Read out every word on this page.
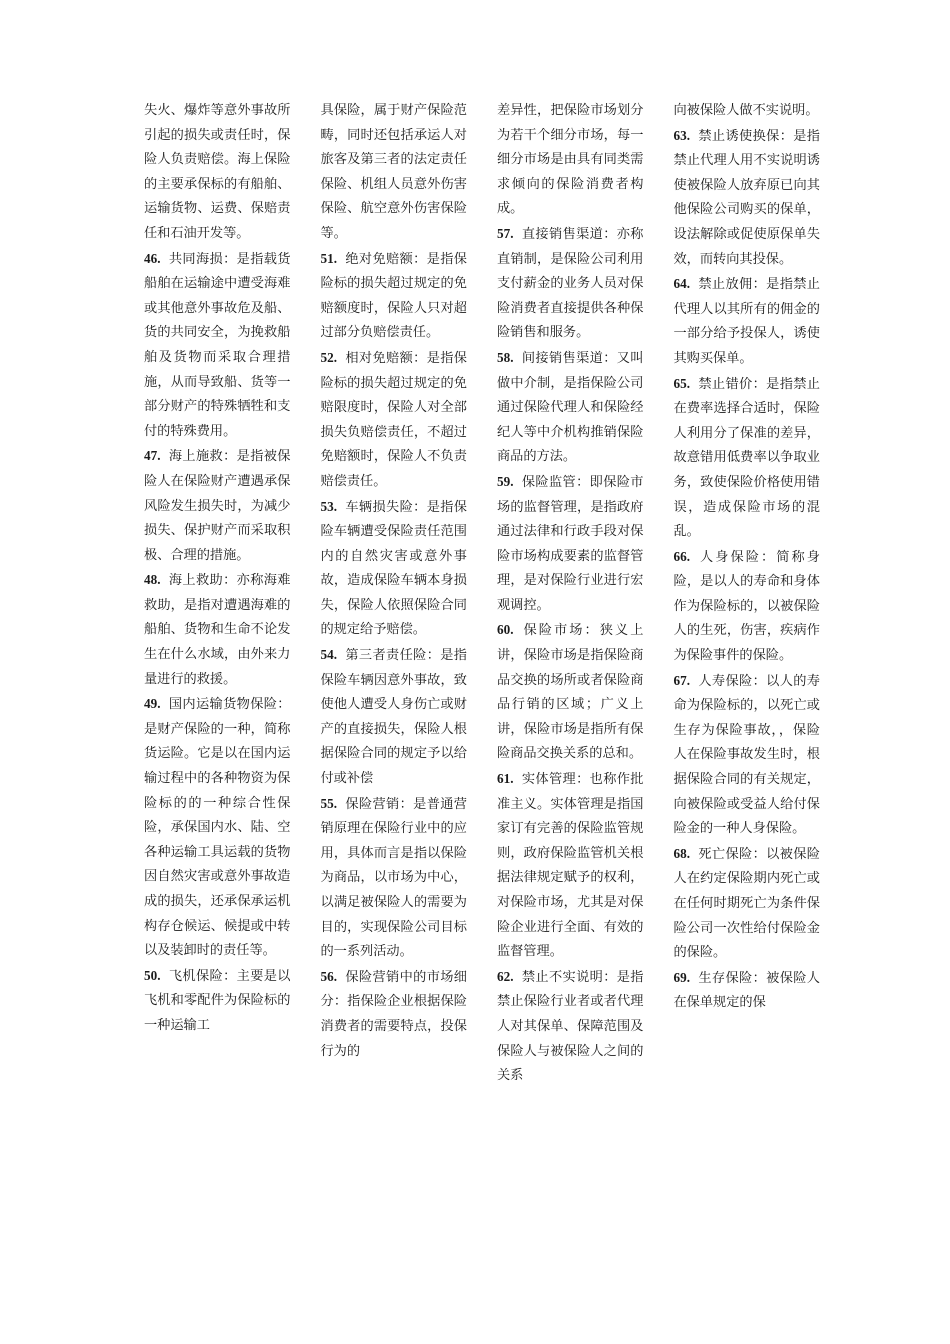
失火、爆炸等意外事故所引起的损失或责任时，保险人负责赔偿。海上保险的主要承保标的有船舶、运输货物、运费、保赔责任和石油开发等。

46. 共同海损：是指载货船舶在运输途中遭受海难或其他意外事故危及船、货的共同安全，为挽救船舶及货物而采取合理措施，从而导致船、货等一部分财产的特殊牺牲和支付的特殊费用。

47. 海上施救：是指被保险人在保险财产遭遇承保风险发生损失时，为减少损失、保护财产而采取积极、合理的措施。

48. 海上救助：亦称海难救助，是指对遭遇海难的船舶、货物和生命不论发生在什么水域，由外来力量进行的救援。

49. 国内运输货物保险：是财产保险的一种，简称货运险。它是以在国内运输过程中的各种物资为保险标的的一种综合性保险，承保国内水、陆、空各种运输工具运载的货物因自然灾害或意外事故造成的损失，还承保承运机构存仓候运、候提或中转以及装卸时的责任等。

50. 飞机保险：主要是以飞机和零配件为保险标的一种运输工

具保险，属于财产保险范畴，同时还包括承运人对旅客及第三者的法定责任保险、机组人员意外伤害保险、航空意外伤害保险等。

51. 绝对免赔额：是指保险标的损失超过规定的免赔额度时，保险人只对超过部分负赔偿责任。

52. 相对免赔额：是指保险标的损失超过规定的免赔限度时，保险人对全部损失负赔偿责任，不超过免赔额时，保险人不负责赔偿责任。

53. 车辆损失险：是指保险车辆遭受保险责任范围内的自然灾害或意外事故，造成保险车辆本身损失，保险人依照保险合同的规定给予赔偿。

54. 第三者责任险：是指保险车辆因意外事故，致使他人遭受人身伤亡或财产的直接损失，保险人根据保险合同的规定予以给付或补偿

55. 保险营销：是普通营销原理在保险行业中的应用，具体而言是指以保险为商品，以市场为中心，以满足被保险人的需要为目的，实现保险公司目标的一系列活动。

56. 保险营销中的市场细分：指保险企业根据保险消费者的需要特点，投保行为的

差异性，把保险市场划分为若干个细分市场，每一细分市场是由具有同类需求倾向的保险消费者构成。

57. 直接销售渠道：亦称直销制，是保险公司利用支付薪金的业务人员对保险消费者直接提供各种保险销售和服务。

58. 间接销售渠道：又叫做中介制，是指保险公司通过保险代理人和保险经纪人等中介机构推销保险商品的方法。

59. 保险监管：即保险市场的监督管理，是指政府通过法律和行政手段对保险市场构成要素的监督管理，是对保险行业进行宏观调控。

60. 保险市场：狭义上讲，保险市场是指保险商品交换的场所或者保险商品行销的区域；广义上讲，保险市场是指所有保险商品交换关系的总和。

61. 实体管理：也称作批准主义。实体管理是指国家订有完善的保险监管规则，政府保险监管机关根据法律规定赋予的权利，对保险市场，尤其是对保险企业进行全面、有效的监督管理。

62. 禁止不实说明：是指禁止保险行业者或者代理人对其保单、保障范围及保险人与被保险人之间的关系

向被保险人做不实说明。

63. 禁止诱使换保：是指禁止代理人用不实说明诱使被保险人放弃原已向其他保险公司购买的保单，设法解除或促使原保单失效，而转向其投保。

64. 禁止放佣：是指禁止代理人以其所有的佣金的一部分给予投保人，诱使其购买保单。

65. 禁止错价：是指禁止在费率选择合适时，保险人利用分了保准的差异，故意错用低费率以争取业务，致使保险价格使用错误，造成保险市场的混乱。

66. 人身保险：简称身险，是以人的寿命和身体作为保险标的，以被保险人的生死，伤害，疾病作为保险事件的保险。

67. 人寿保险：以人的寿命为保险标的，以死亡或生存为保险事故，，保险人在保险事故发生时，根据保险合同的有关规定，向被保险或受益人给付保险金的一种人身保险。

68. 死亡保险：以被保险人在约定保险期内死亡或在任何时期死亡为条件保险公司一次性给付保险金的保险。

69. 生存保险：被保险人在保单规定的保
